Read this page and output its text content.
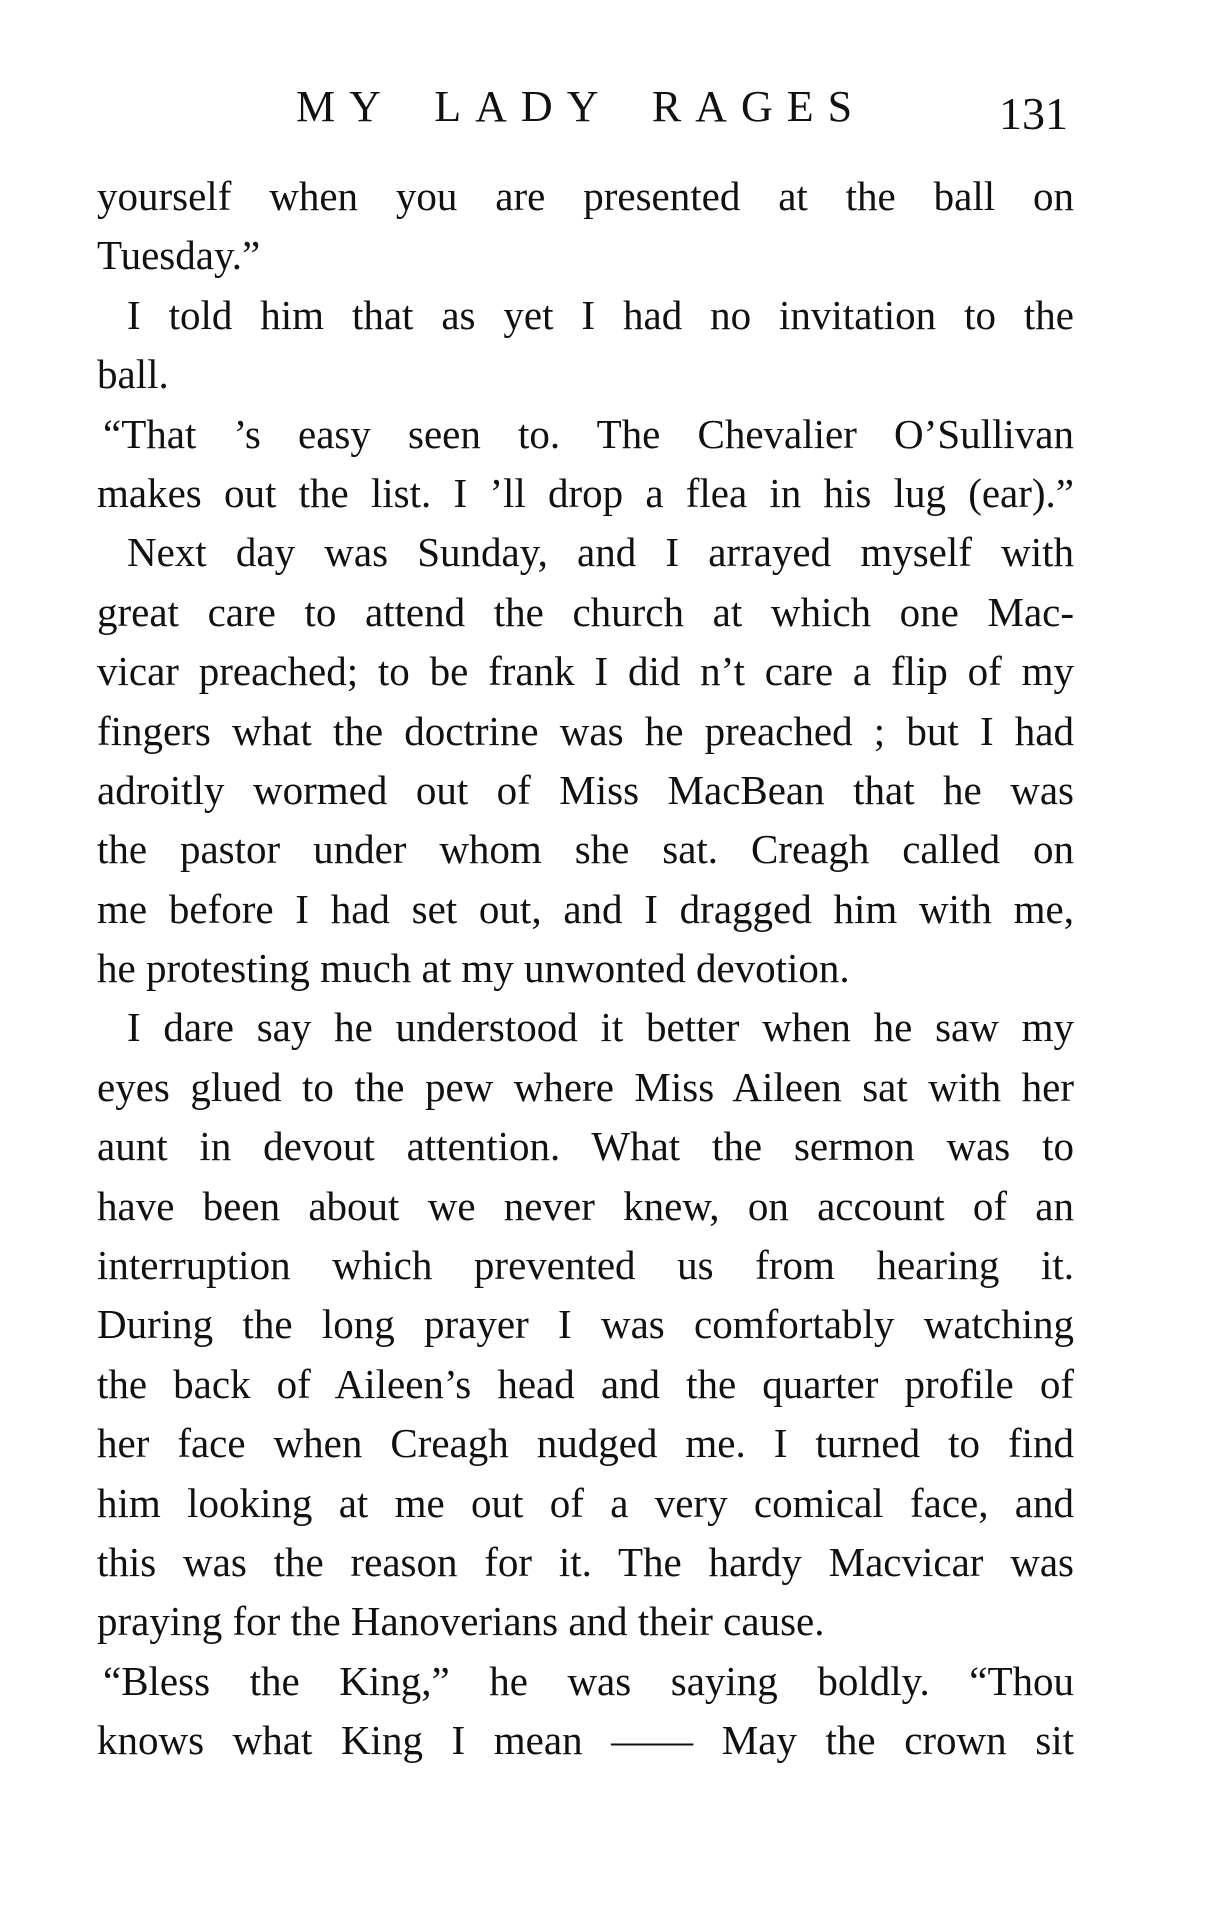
MY LADY RAGES	131
yourself when you are presented at the ball on
Tuesday.”
I told him that as yet I had no invitation to the
ball.
“That ’s easy seen to. The Chevalier O’Sullivan
makes out the list. I ’ll drop a flea in his lug (ear).”
Next day was Sunday, and I arrayed myself with
great care to attend the church at which one Mac-
vicar preached; to be frank I did n’t care a flip of my
fingers what the doctrine was he preached ; but I had
adroitly wormed out of Miss MacBean that he was
the pastor under whom she sat. Creagh called on
me before I had set out, and I dragged him with me,
he protesting much at my unwonted devotion.
I dare say he understood it better when he saw my
eyes glued to the pew where Miss Aileen sat with her
aunt in devout attention. What the sermon was to
have been about we never knew, on account of an
interruption which prevented us from hearing it.
During the long prayer I was comfortably watching
the back of Aileen’s head and the quarter profile of
her face when Creagh nudged me. I turned to find
him looking at me out of a very comical face, and
this was the reason for it. The hardy Macvicar was
praying for the Hanoverians and their cause.
“Bless the King,” he was saying boldly. “Thou
knows what King I mean —— May the crown sit
